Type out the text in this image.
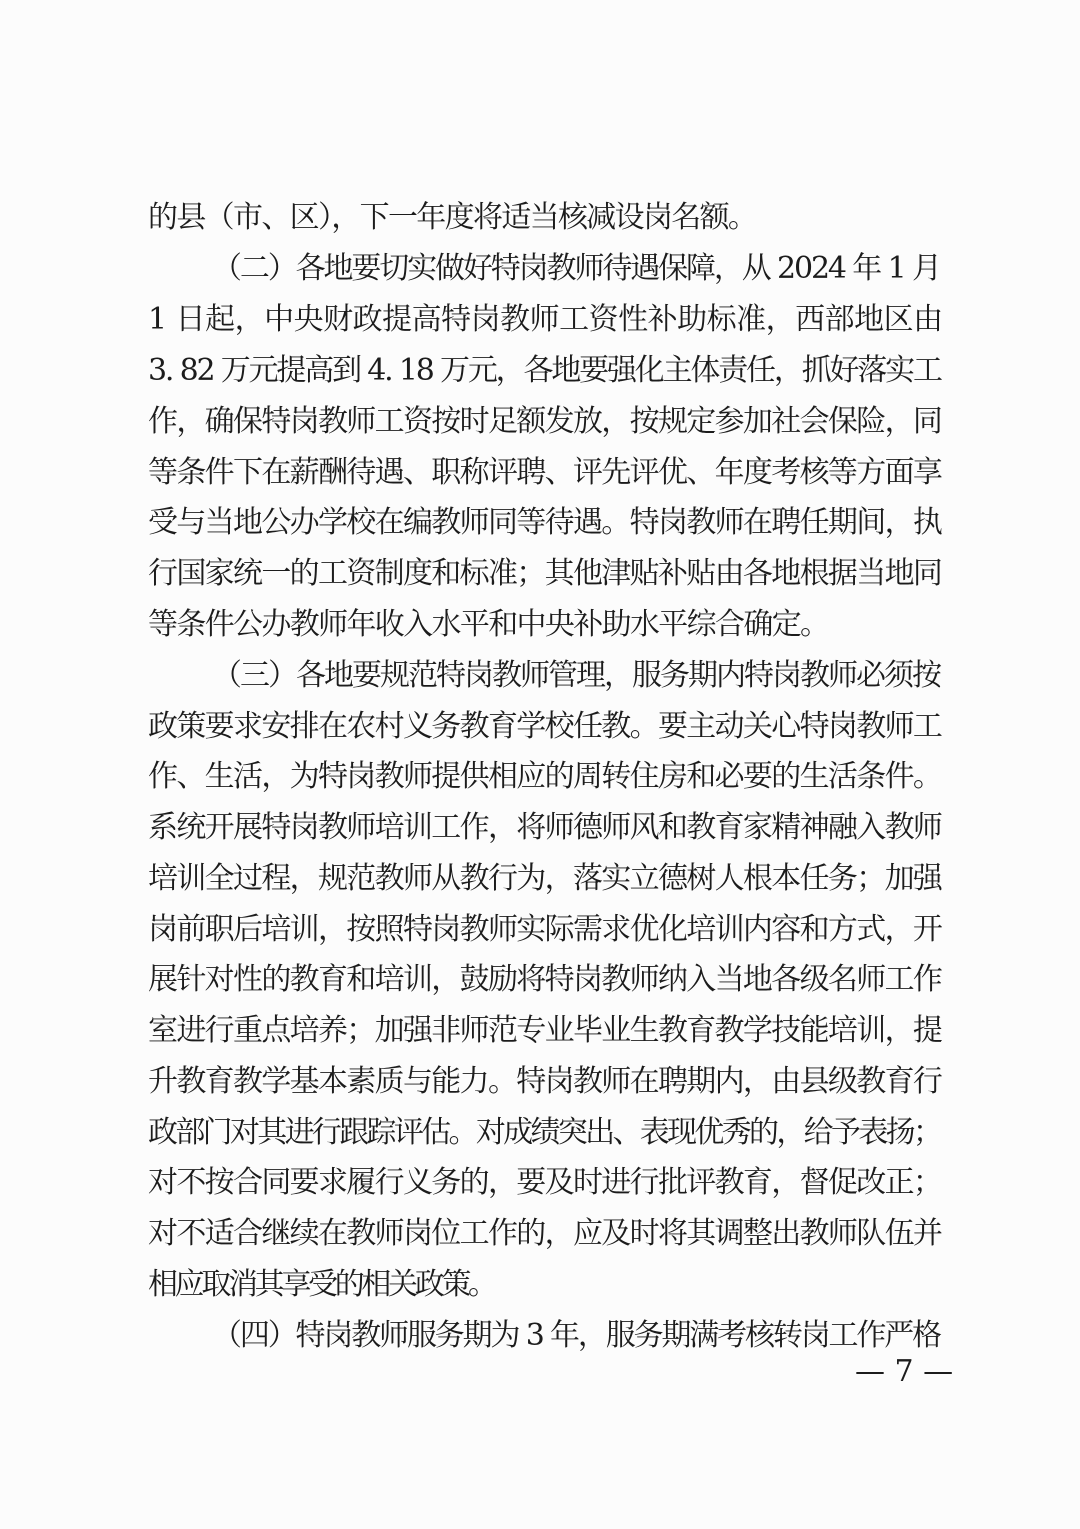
的县（市、区），下一年度将适当核减设岗名额。
（二）各地要切实做好特岗教师待遇保障，从 2024 年 1 月
1 日起，中央财政提高特岗教师工资性补助标准，西部地区由
3. 82 万元提高到 4. 18 万元，各地要强化主体责任，抓好落实工
作，确保特岗教师工资按时足额发放，按规定参加社会保险，同
等条件下在薪酬待遇、职称评聘、评先评优、年度考核等方面享
受与当地公办学校在编教师同等待遇。特岗教师在聘任期间，执
行国家统一的工资制度和标准；其他津贴补贴由各地根据当地同
等条件公办教师年收入水平和中央补助水平综合确定。
（三）各地要规范特岗教师管理，服务期内特岗教师必须按
政策要求安排在农村义务教育学校任教。要主动关心特岗教师工
作、生活，为特岗教师提供相应的周转住房和必要的生活条件。
系统开展特岗教师培训工作，将师德师风和教育家精神融入教师
培训全过程，规范教师从教行为，落实立德树人根本任务；加强
岗前职后培训，按照特岗教师实际需求优化培训内容和方式，开
展针对性的教育和培训，鼓励将特岗教师纳入当地各级名师工作
室进行重点培养；加强非师范专业毕业生教育教学技能培训，提
升教育教学基本素质与能力。特岗教师在聘期内，由县级教育行
政部门对其进行跟踪评估。对成绩突出、表现优秀的，给予表扬；
对不按合同要求履行义务的，要及时进行批评教育，督促改正；
对不适合继续在教师岗位工作的，应及时将其调整出教师队伍并
相应取消其享受的相关政策。
（四）特岗教师服务期为 3 年，服务期满考核转岗工作严格
— 7 —
